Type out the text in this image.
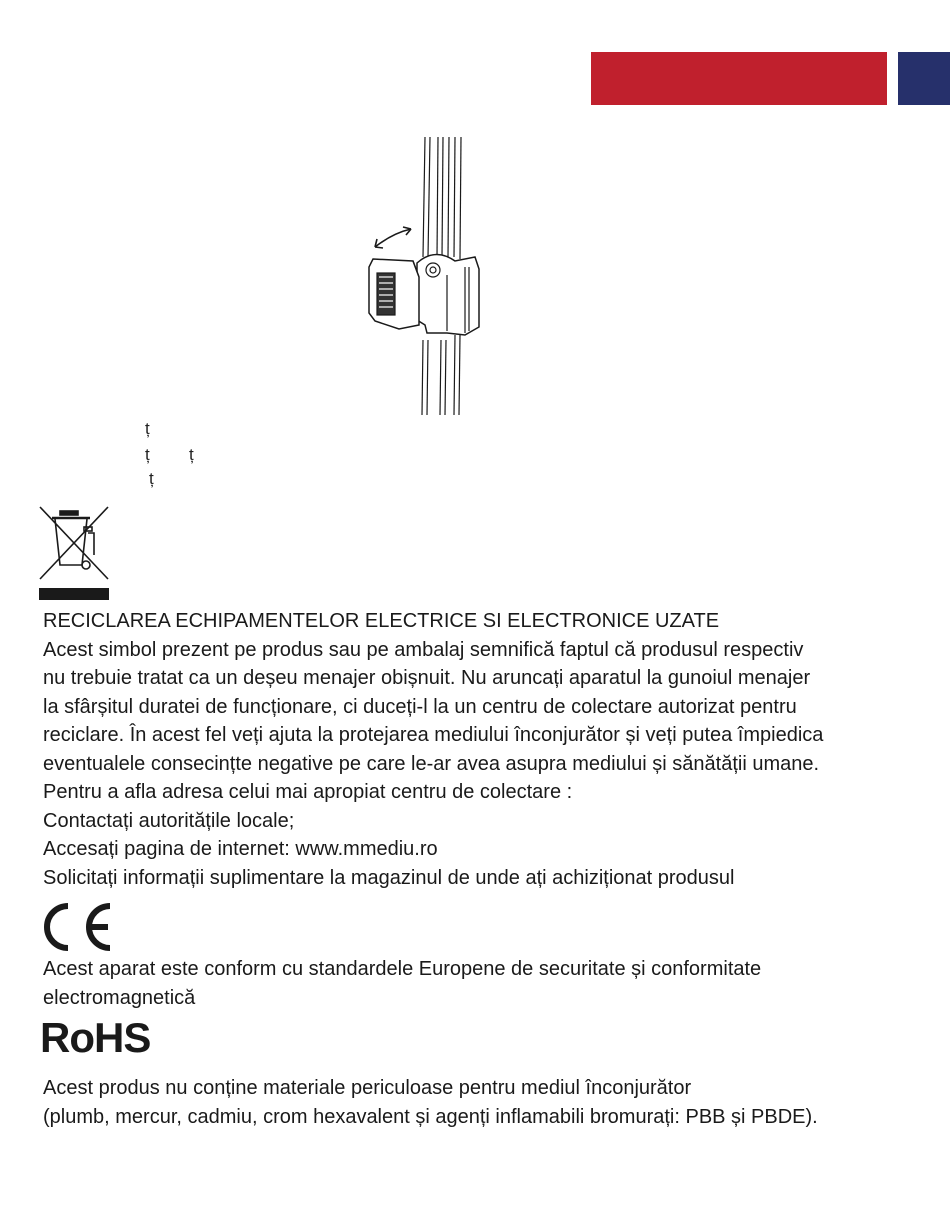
ț
ț ț
ț
RECICLAREA ECHIPAMENTELOR ELECTRICE SI ELECTRONICE UZATE
Acest simbol prezent pe produs sau pe ambalaj semnifică faptul că produsul respectiv
nu trebuie tratat ca un deșeu menajer obișnuit. Nu aruncați aparatul la gunoiul menajer
la sfârșitul duratei de funcționare, ci duceți-l la un centru de colectare autorizat pentru
reciclare. În acest fel veți ajuta la protejarea mediului înconjurător și veți putea împiedica
eventualele consecințte negative pe care le-ar avea asupra mediului și sănătății umane.
Pentru a afla adresa celui mai apropiat centru de colectare :
Contactați autoritățile locale;
Accesați pagina de internet: www.mmediu.ro
Solicitați informații suplimentare la magazinul de unde ați achiziționat produsul
Acest aparat este conform cu standardele Europene de securitate și conformitate
electromagnetică
RoHS
Acest produs nu conține materiale periculoase pentru mediul înconjurător
(plumb, mercur, cadmiu, crom hexavalent și agenți inflamabili bromurați: PBB și PBDE).
